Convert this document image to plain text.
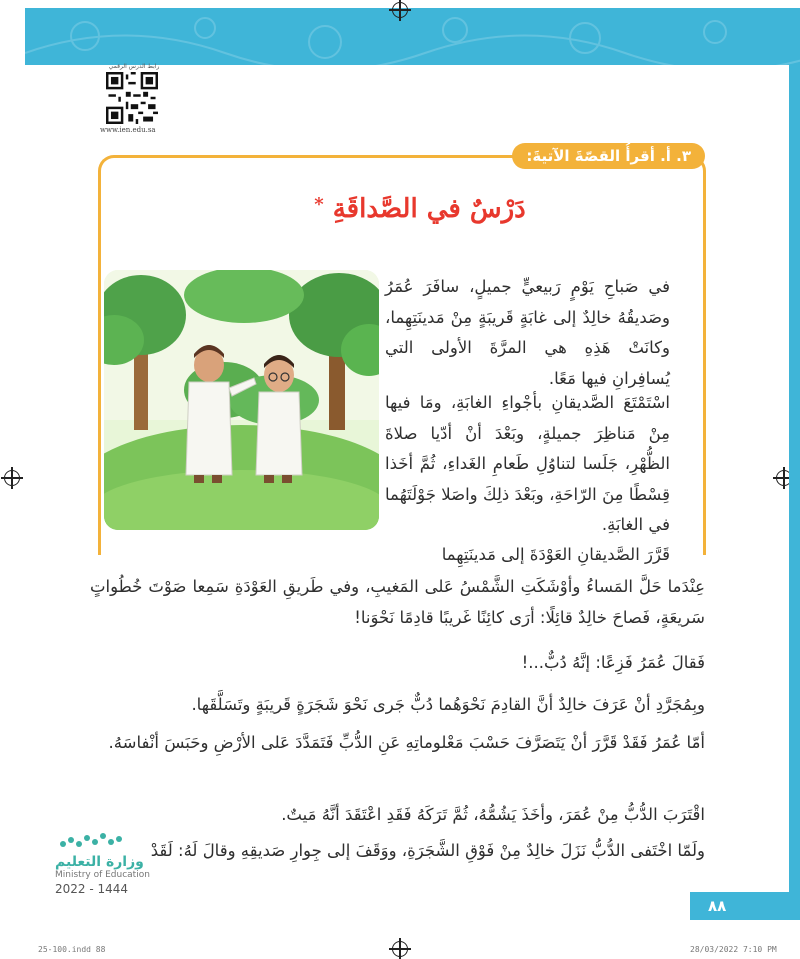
رابط الدرس الرقمي
www.ien.edu.sa
٣. أ. أقرأُ القصّةَ الآتيةَ:
دَرْسٌ في الصَّداقَةِ *

في صَباحِ يَوْمٍ رَبيعيٍّ جميلٍ، سافَرَ عُمَرُ وصَديقُهُ خالِدٌ إلى غابَةٍ قَريبَةٍ مِنْ مَدينَتِهِما، وكانَتْ هَذِهِ هي المرَّةَ الأولى التي يُسافِرانِ فيها مَعًا.

اسْتَمْتَعَ الصَّديقانِ بأجْواءِ الغابَةِ، ومَا فيها مِنْ مَناظِرَ جميلةٍ، وبَعْدَ أنْ أدّيا صلاةَ الظُّهْرِ، جَلَسا لتناوُلِ طَعامِ الغَداءِ، ثُمَّ أخَذا قِسْطًا مِنَ الرّاحَةِ، وبَعْدَ ذلِكَ واصَلا جَوْلَتَهُما في الغابَةِ.

قَرَّرَ الصَّديقانِ العَوْدَةَ إلى مَدينَتِهِما

عِنْدَما حَلَّ المَساءُ وأوْشَكَتِ الشَّمْسُ عَلى المَغيبِ، وفي طَريقِ العَوْدَةِ سَمِعا صَوْتَ خُطُواتٍ سَريعَةٍ، فَصاحَ خالِدٌ قائِلًا: أرَى كائِنًا غَريبًا قادِمًا نَحْوَنا!

فَقالَ عُمَرُ فَزِعًا: إنَّهُ دُبٌّ...!

وبِمُجَرَّدِ أنْ عَرَفَ خالِدٌ أنَّ القادِمَ نَحْوَهُما دُبٌّ جَرى نَحْوَ شَجَرَةٍ قَريبَةٍ وتَسَلَّقَها.

أمّا عُمَرُ فَقَدْ قَرَّرَ أنْ يَتَصَرَّفَ حَسْبَ مَعْلوماتِهِ عَنِ الدُّبِّ فَتَمَدَّدَ عَلى الأرْضِ وحَبَسَ أنْفاسَهُ.

اقْتَرَبَ الدُّبُّ مِنْ عُمَرَ، وأخَذَ يَشُمُّهُ، ثُمَّ تَرَكَهُ فَقَدِ اعْتَقَدَ أنَّهُ مَيتٌ.

ولَمّا اخْتَفى الدُّبُّ نَزَلَ خالِدٌ مِنْ فَوْقِ الشَّجَرَةِ، ووَقَفَ إلى جِوارِ صَديقِهِ وقالَ لَهُ: لَقَدْ

وزارة التعليم
Ministry of Education
2022 - 1444
٨٨
25-100.indd 88	28/03/2022 7:10 PM
